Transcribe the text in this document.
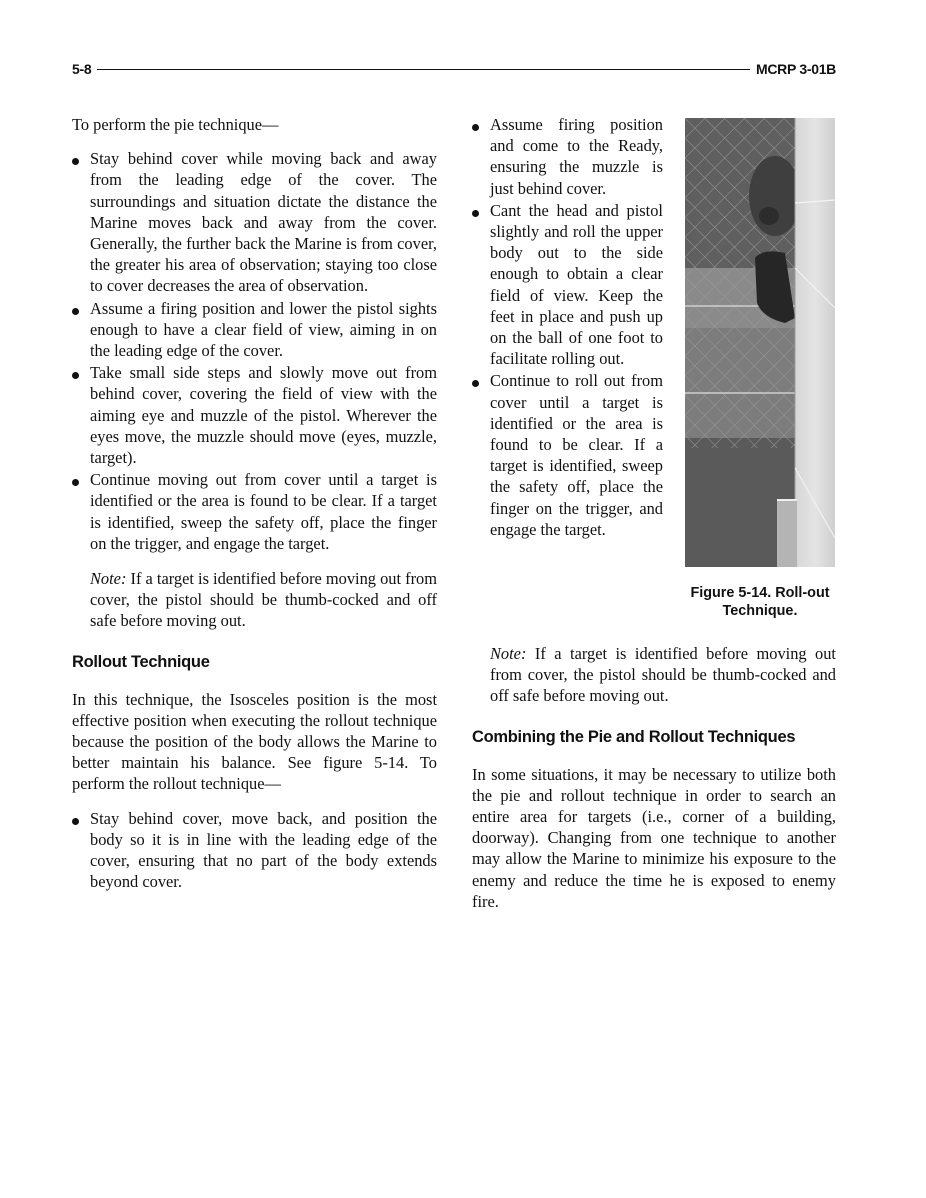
5-8	MCRP 3-01B

To perform the pie technique—

Stay behind cover while moving back and away from the leading edge of the cover. The surroundings and situation dictate the distance the Marine moves back and away from the cover. Generally, the further back the Marine is from cover, the greater his area of observation; staying too close to cover decreases the area of observation.
Assume a firing position and lower the pistol sights enough to have a clear field of view, aiming in on the leading edge of the cover.
Take small side steps and slowly move out from behind cover, covering the field of view with the aiming eye and muzzle of the pistol. Wherever the eyes move, the muzzle should move (eyes, muzzle, target).
Continue moving out from cover until a target is identified or the area is found to be clear. If a target is identified, sweep the safety off, place the finger on the trigger, and engage the target.

Note: If a target is identified before moving out from cover, the pistol should be thumb-cocked and off safe before moving out.

Rollout Technique

In this technique, the Isosceles position is the most effective position when executing the rollout technique because the position of the body allows the Marine to better maintain his balance. See figure 5-14. To perform the rollout technique—

Stay behind cover, move back, and position the body so it is in line with the leading edge of the cover, ensuring that no part of the body extends beyond cover.
Assume firing position and come to the Ready, ensuring the muzzle is just behind cover.
Cant the head and pistol slightly and roll the upper body out to the side enough to obtain a clear field of view. Keep the feet in place and push up on the ball of one foot to facilitate rolling out.
Continue to roll out from cover until a target is identified or the area is found to be clear. If a target is identified, sweep the safety off, place the finger on the trigger, and engage the target.
Figure 5-14. Roll-out Technique.

Note: If a target is identified before moving out from cover, the pistol should be thumb-cocked and off safe before moving out.

Combining the Pie and Rollout Techniques

In some situations, it may be necessary to utilize both the pie and rollout technique in order to search an entire area for targets (i.e., corner of a building, doorway). Changing from one technique to another may allow the Marine to minimize his exposure to the enemy and reduce the time he is exposed to enemy fire.
